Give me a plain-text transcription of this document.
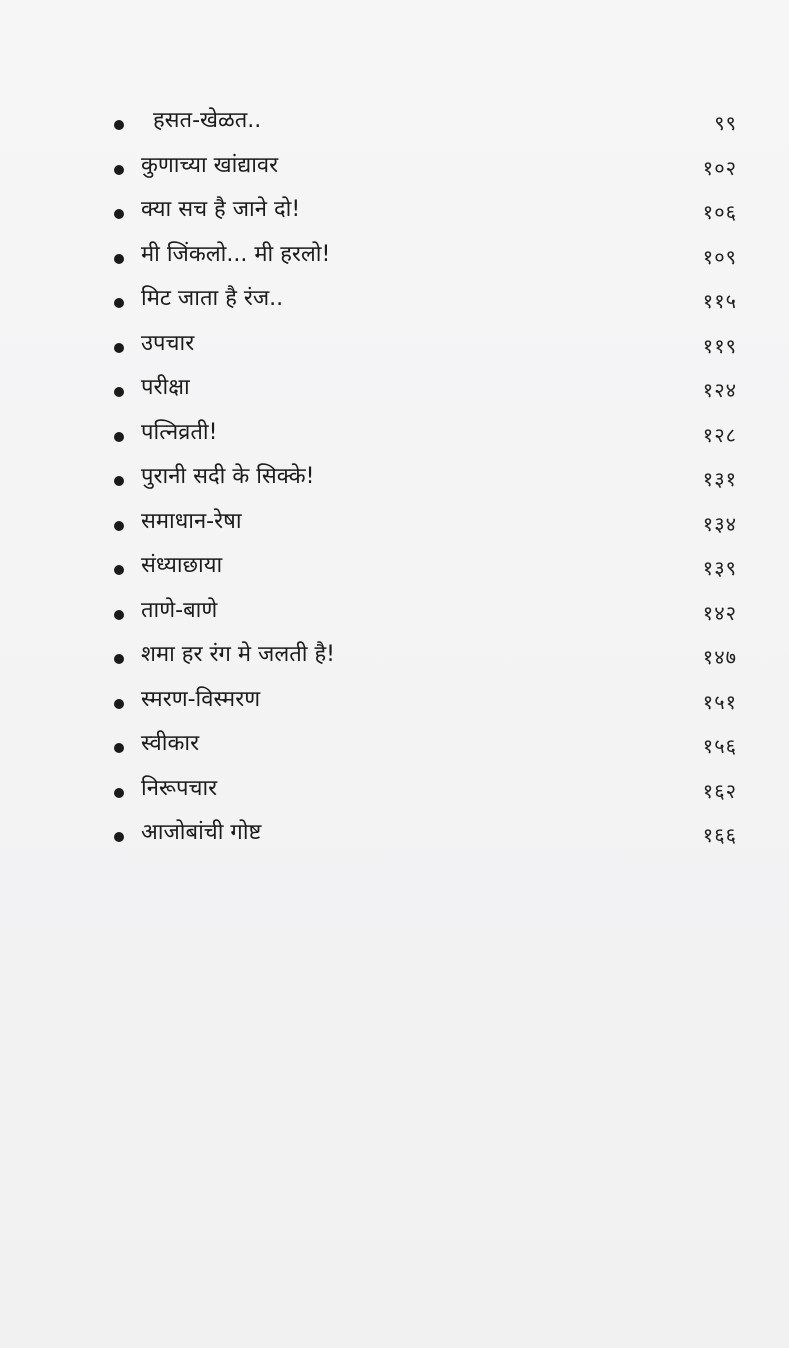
हसत-खेळत..	९९
कुणाच्या खांद्यावर	१०२
क्या सच है जाने दो!	१०६
मी जिंकलो... मी हरलो!	१०९
मिट जाता है रंज..	११५
उपचार	११९
परीक्षा	१२४
पत्निव्रती!	१२८
पुरानी सदी के सिक्के!	१३१
समाधान-रेषा	१३४
संध्याछाया	१३९
ताणे-बाणे	१४२
शमा हर रंग मे जलती है!	१४७
स्मरण-विस्मरण	१५१
स्वीकार	१५६
निरूपचार	१६२
आजोबांची गोष्ट	१६६
